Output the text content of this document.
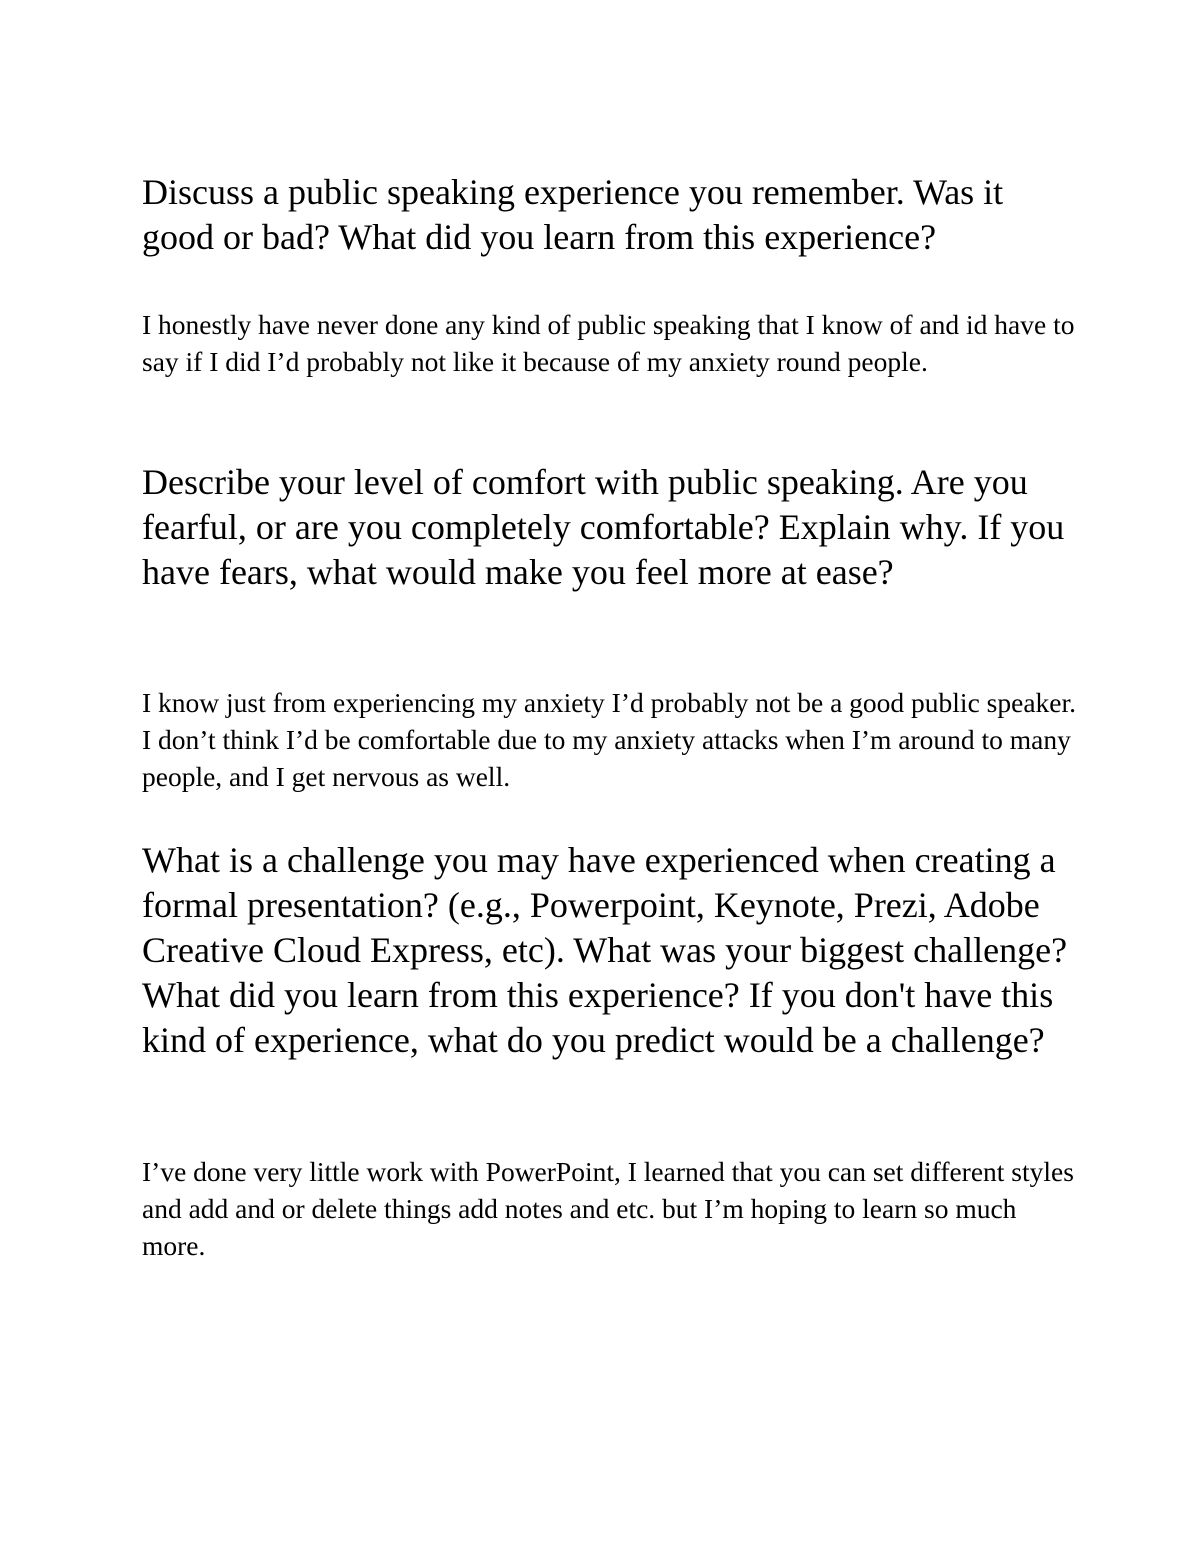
Discuss a public speaking experience you remember. Was it good or bad? What did you learn from this experience?

I honestly have never done any kind of public speaking that I know of and id have to say if I did I’d probably not like it because of my anxiety round people.

Describe your level of comfort with public speaking. Are you fearful, or are you completely comfortable? Explain why. If you have fears, what would make you feel more at ease?

I know just from experiencing my anxiety I’d probably not be a good public speaker. I don’t think I’d be comfortable due to my anxiety attacks when I’m around to many people, and I get nervous as well.

What is a challenge you may have experienced when creating a formal presentation? (e.g., Powerpoint, Keynote, Prezi, Adobe Creative Cloud Express, etc). What was your biggest challenge? What did you learn from this experience? If you don't have this kind of experience, what do you predict would be a challenge?

I’ve done very little work with PowerPoint, I learned that you can set different styles and add and or delete things add notes and etc. but I’m hoping to learn so much more.
